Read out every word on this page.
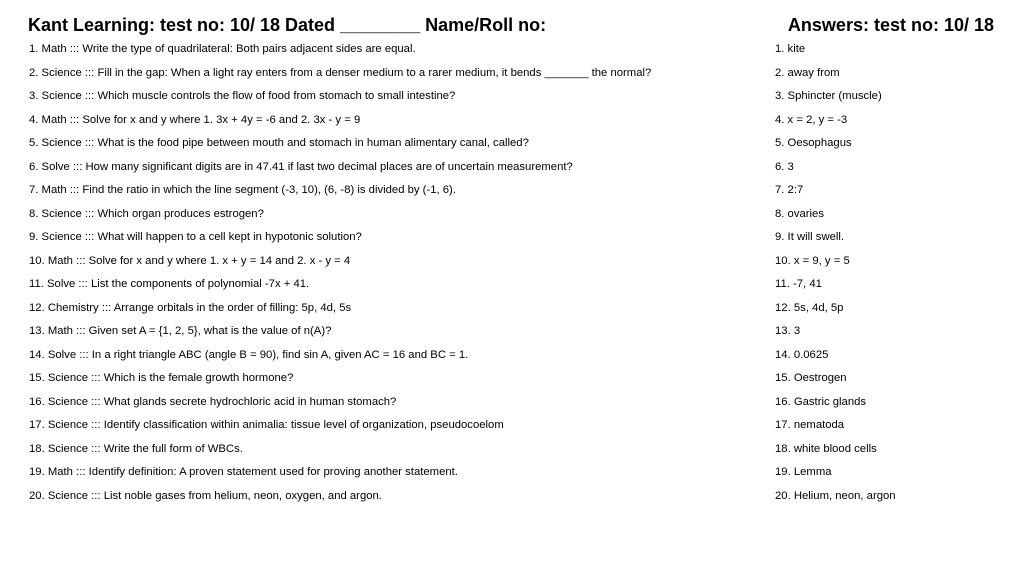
Kant Learning: test no: 10/ 18 Dated ________ Name/Roll no:	Answers: test no: 10/ 18
1. Math ::: Write the type of quadrilateral: Both pairs adjacent sides are equal.
2. Science ::: Fill in the gap: When a light ray enters from a denser medium to a rarer medium, it bends _______ the normal?
3. Science ::: Which muscle controls the flow of food from stomach to small intestine?
4. Math ::: Solve for x and y where 1. 3x + 4y = -6 and 2. 3x - y = 9
5. Science ::: What is the food pipe between mouth and stomach in human alimentary canal, called?
6. Solve ::: How many significant digits are in 47.41 if last two decimal places are of uncertain measurement?
7. Math ::: Find the ratio in which the line segment (-3, 10), (6, -8) is divided by (-1, 6).
8. Science ::: Which organ produces estrogen?
9. Science ::: What will happen to a cell kept in hypotonic solution?
10. Math ::: Solve for x and y where 1. x + y = 14 and 2. x - y = 4
11. Solve ::: List the components of polynomial -7x + 41.
12. Chemistry ::: Arrange orbitals in the order of filling: 5p, 4d, 5s
13. Math ::: Given set A = {1, 2, 5}, what is the value of n(A)?
14. Solve ::: In a right triangle ABC (angle B = 90), find sin A, given AC = 16 and BC = 1.
15. Science ::: Which is the female growth hormone?
16. Science ::: What glands secrete hydrochloric acid in human stomach?
17. Science ::: Identify classification within animalia: tissue level of organization, pseudocoelom
18. Science ::: Write the full form of WBCs.
19. Math ::: Identify definition: A proven statement used for proving another statement.
20. Science ::: List noble gases from helium, neon, oxygen, and argon.
1. kite
2. away from
3. Sphincter (muscle)
4. x = 2, y = -3
5. Oesophagus
6. 3
7. 2:7
8. ovaries
9. It will swell.
10. x = 9, y = 5
11. -7, 41
12. 5s, 4d, 5p
13. 3
14. 0.0625
15. Oestrogen
16. Gastric glands
17. nematoda
18. white blood cells
19. Lemma
20. Helium, neon, argon
